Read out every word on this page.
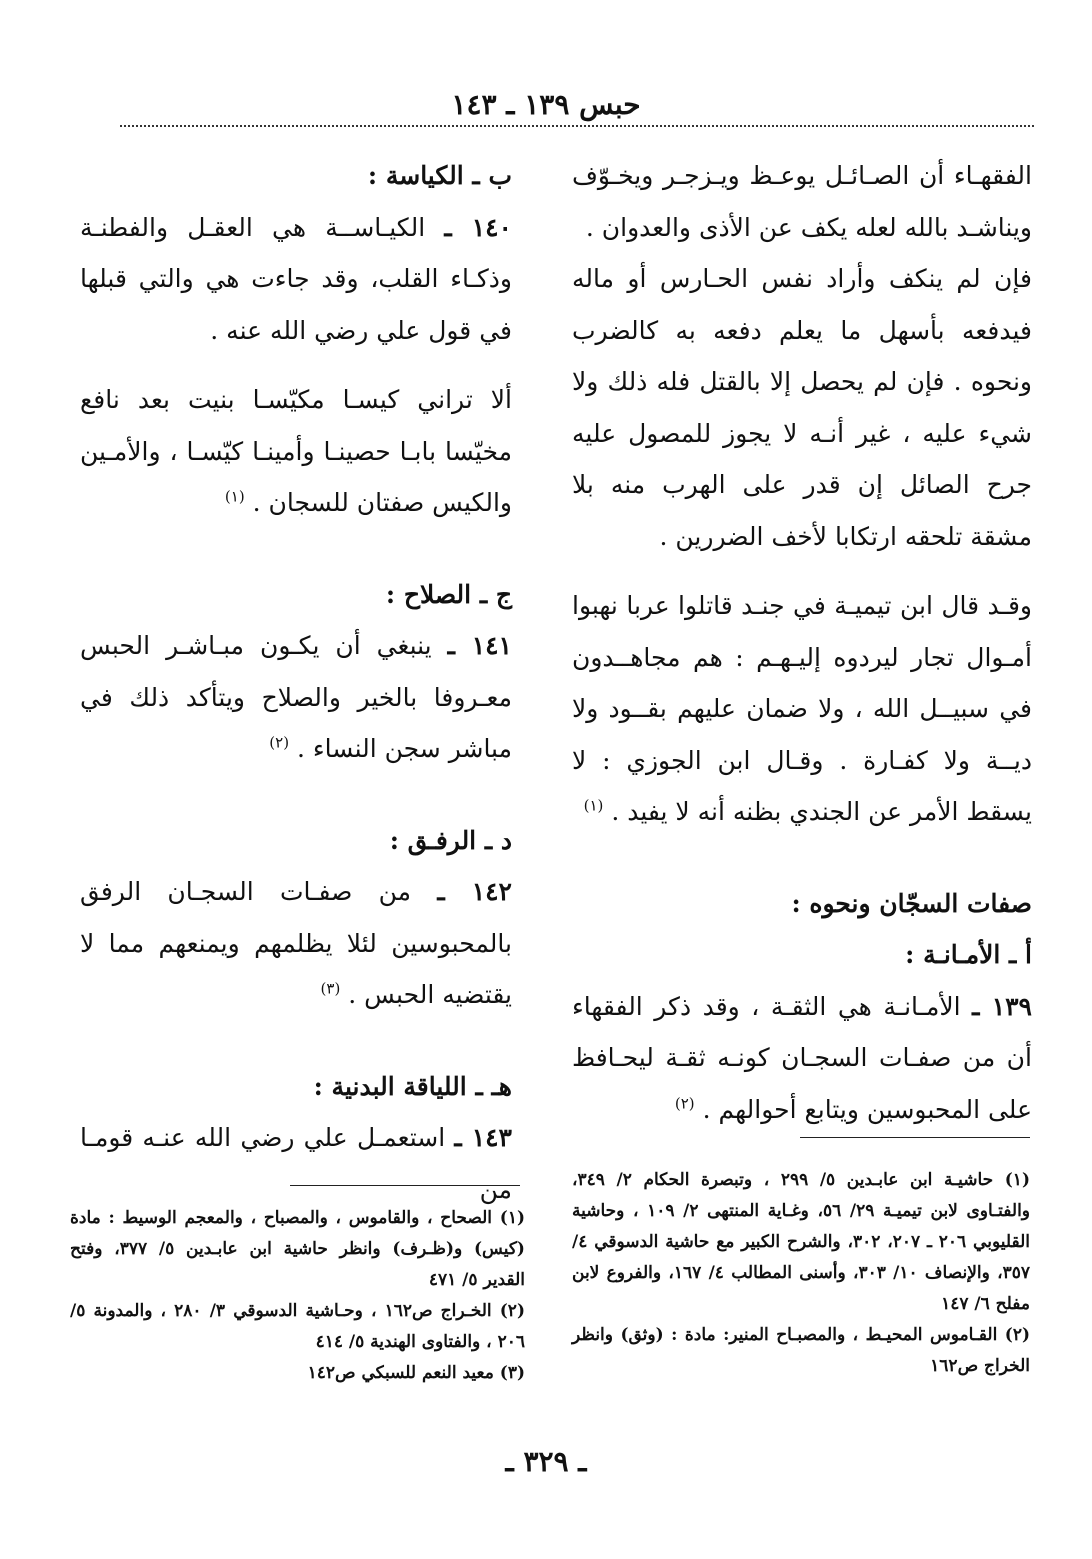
حبس ١٣٩ ـ ١٤٣

الفقهـاء أن الصـائـل يوعـظ ويـزجـر ويخـوّف ويناشـد بالله لعله يكف عن الأذى والعدوان .

فإن لم ينكف وأراد نفس الحـارس أو ماله فيدفعه بأسهل ما يعلم دفعه به كالضرب ونحوه . فإن لم يحصل إلا بالقتل فله ذلك ولا شيء عليه ، غير أنـه لا يجوز للمصول عليه جرح الصائل إن قدر على الهرب منه بلا مشقة تلحقه ارتكابا لأخف الضررين .

وقـد قال ابن تيميـة في جنـد قاتلوا عربا نهبوا أمـوال تجار ليردوه إليـهـم : هم مجاهــدون في سبيــل الله ، ولا ضمان عليهم بقــود ولا ديــة ولا كفـارة . وقـال ابن الجوزي : لا يسقط الأمر عن الجندي بظنه أنه لا يفيد . $^{(١)}$

صفات السجّان ونحوه :

أ ـ الأمـانـة :

١٣٩ ـ الأمـانـة هي الثقـة ، وقد ذكر الفقهاء أن من صفـات السجـان كونـه ثقـة ليحـافظ على المحبوسين ويتابع أحوالهم . $^{(٢)}$

ب ـ الكياسة :

١٤٠ ـ الكيـاســة هي العقـل والفطنـة وذكـاء القلب، وقد جاءت هي والتي قبلها في قول علي رضي الله عنه .

ألا تراني كيسـا مكيّسـا بنيت بعد نافع مخيّسا بابـا حصينـا وأمينـا كيّسـا ، والأمـين والكيس صفتان للسجان . $^{(١)}$

ج ـ الصلاح :

١٤١ ـ ينبغي أن يكـون مبـاشـر الحبس معـروفا بالخير والصلاح ويتأكد ذلك في مباشر سجن النساء . $^{(٢)}$

د ـ الرفـق :

١٤٢ ـ من صفـات السجـان الرفق بالمحبوسين لئلا يظلمهم ويمنعهم مما لا يقتضيه الحبس . $^{(٣)}$

هـ ـ اللياقة البدنية :

١٤٣ ـ استعمـل علي رضي الله عنـه قومـا من	(١) حاشيـة ابن عابـدين ٥/ ٢٩٩ ، وتبصرة الحكام ٢/ ٣٤٩، والفتـاوى لابن تيميـة ٢٩/ ٥٦، وغـاية المنتهى ٢/ ١٠٩ ، وحاشية القليوبي ٢٠٦ ـ ٢٠٧، ٣٠٢، والشرح الكبير مع حاشية الدسوقي ٤/ ٣٥٧، والإنصاف ١٠/ ٣٠٣، وأسنى المطالب ٤/ ١٦٧، والفروع لابن مفلح ٦/ ١٤٧

(٢) القـاموس المحيـط ، والمصبـاح المنير: مادة : (وثق) وانظر الخراج ص١٦٢

(١) الصحاح ، والقاموس ، والمصباح ، والمعجم الوسيط : مادة (كيس) و(ظـرف) وانظر حاشية ابن عابـدين ٥/ ٣٧٧، وفتح القدير ٥/ ٤٧١

(٢) الخـراج ص١٦٢ ، وحـاشية الدسوقي ٣/ ٢٨٠ ، والمدونة ٥/ ٢٠٦ ، والفتاوى الهندية ٥/ ٤١٤

(٣) معيد النعم للسبكي ص١٤٢

ـ ٣٢٩ ـ
